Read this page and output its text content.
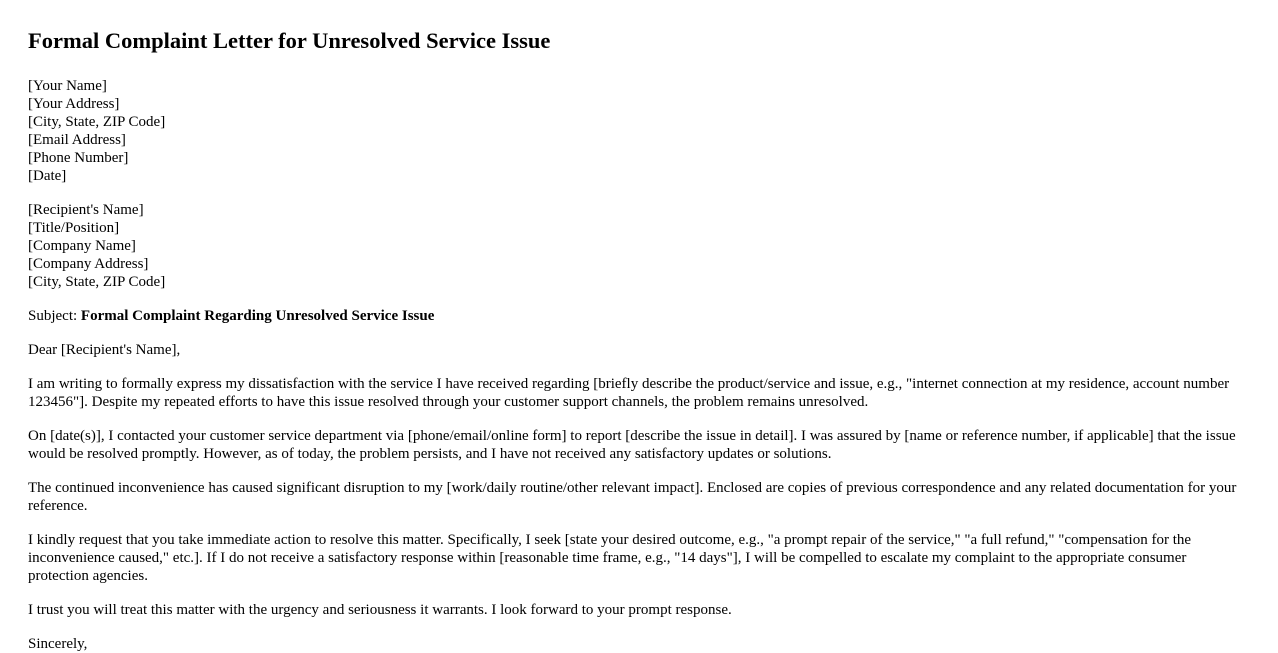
Formal Complaint Letter for Unresolved Service Issue
[Your Name]
[Your Address]
[City, State, ZIP Code]
[Email Address]
[Phone Number]
[Date]
[Recipient's Name]
[Title/Position]
[Company Name]
[Company Address]
[City, State, ZIP Code]

Subject: Formal Complaint Regarding Unresolved Service Issue

Dear [Recipient's Name],

I am writing to formally express my dissatisfaction with the service I have received regarding [briefly describe the product/service and issue, e.g., "internet connection at my residence, account number 123456"]. Despite my repeated efforts to have this issue resolved through your customer support channels, the problem remains unresolved.

On [date(s)], I contacted your customer service department via [phone/email/online form] to report [describe the issue in detail]. I was assured by [name or reference number, if applicable] that the issue would be resolved promptly. However, as of today, the problem persists, and I have not received any satisfactory updates or solutions.

The continued inconvenience has caused significant disruption to my [work/daily routine/other relevant impact]. Enclosed are copies of previous correspondence and any related documentation for your reference.

I kindly request that you take immediate action to resolve this matter. Specifically, I seek [state your desired outcome, e.g., "a prompt repair of the service," "a full refund," "compensation for the inconvenience caused," etc.]. If I do not receive a satisfactory response within [reasonable time frame, e.g., "14 days"], I will be compelled to escalate my complaint to the appropriate consumer protection agencies.

I trust you will treat this matter with the urgency and seriousness it warrants. I look forward to your prompt response.

Sincerely,
